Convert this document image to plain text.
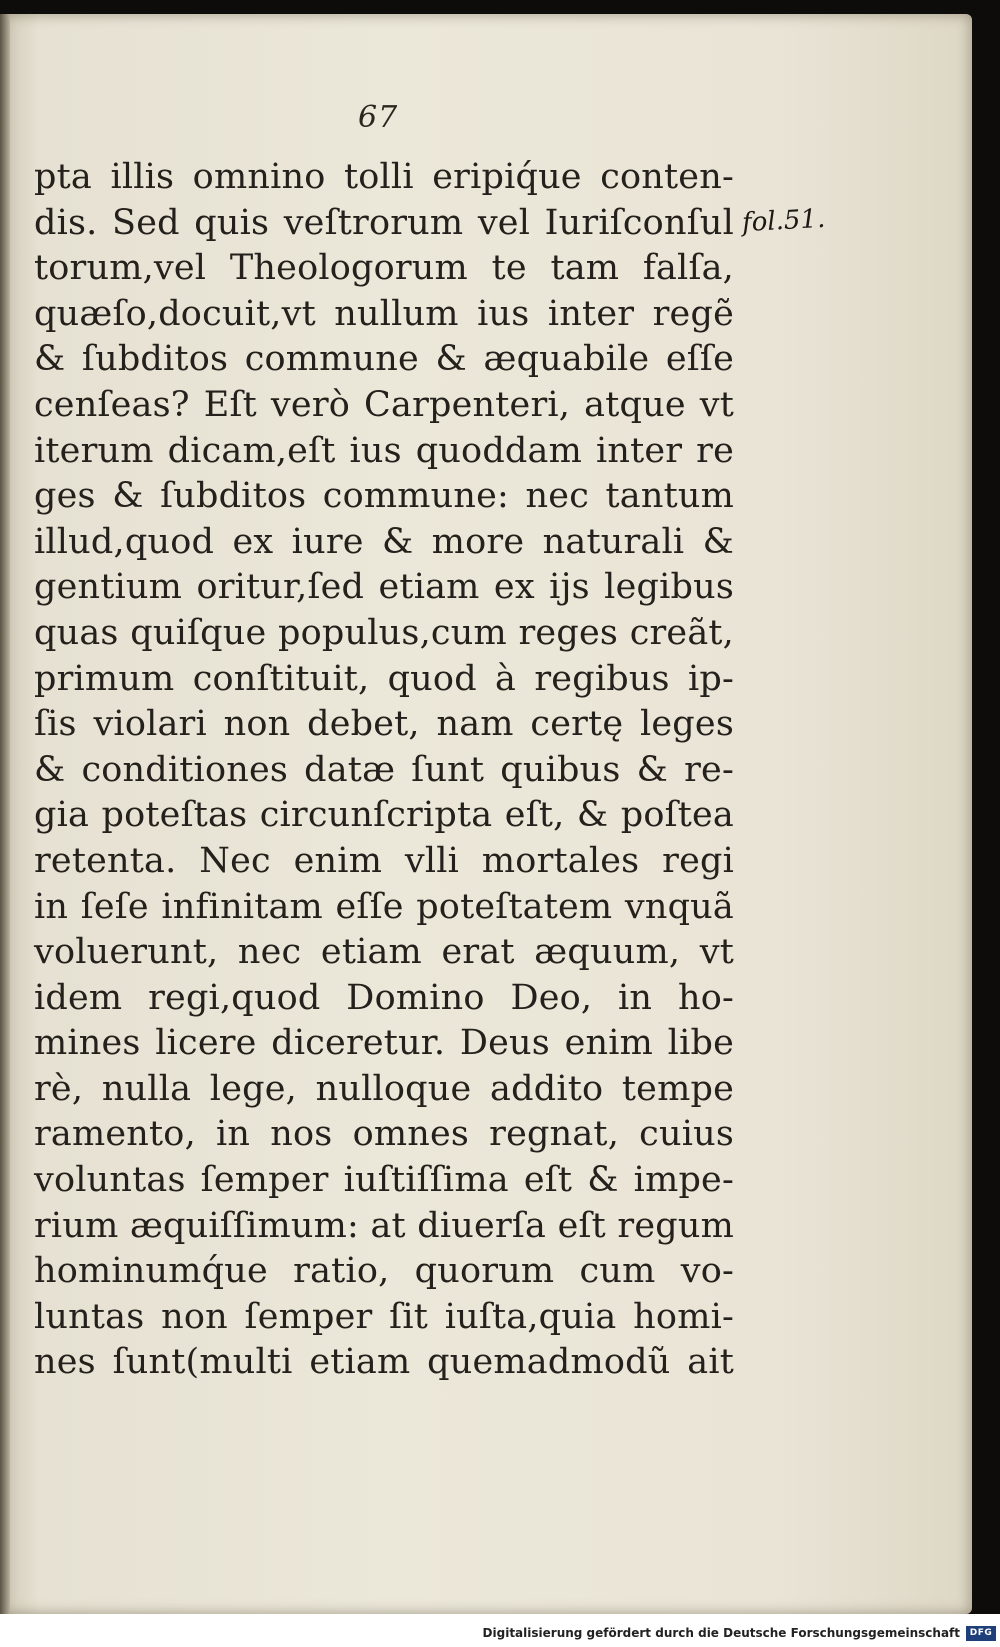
67
fol.51.
pta illis omnino tolli eripiq́ue conten-
dis. Sed quis veſtrorum vel Iuriſconſul
torum,vel Theologorum te tam falſa,
quæſo,docuit,vt nullum ius inter regẽ
& ſubditos commune & æquabile eſſe
cenſeas? Eſt verò Carpenteri, atque vt
iterum dicam,eſt ius quoddam inter re
ges & ſubditos commune: nec tantum
illud,quod ex iure & more naturali &
gentium oritur,ſed etiam ex ijs legibus
quas quiſque populus,cum reges creãt,
primum conſtituit, quod à regibus ip-
ſis violari non debet, nam certę leges
& conditiones datæ ſunt quibus & re-
gia poteſtas circunſcripta eſt, & poſtea
retenta. Nec enim vlli mortales regi
in ſeſe infinitam eſſe poteſtatem vnquã
voluerunt, nec etiam erat æquum, vt
idem regi,quod Domino Deo, in ho-
mines licere diceretur. Deus enim libe
rè, nulla lege, nulloque addito tempe
ramento, in nos omnes regnat, cuius
voluntas ſemper iuſtiſſima eſt & impe-
rium æquiſſimum: at diuerſa eſt regum
hominumq́ue ratio, quorum cum vo-
luntas non ſemper ſit iuſta,quia homi-
nes ſunt(multi etiam quemadmodũ ait
Digitalisierung gefördert durch die Deutsche Forschungsgemeinschaft	DFG
